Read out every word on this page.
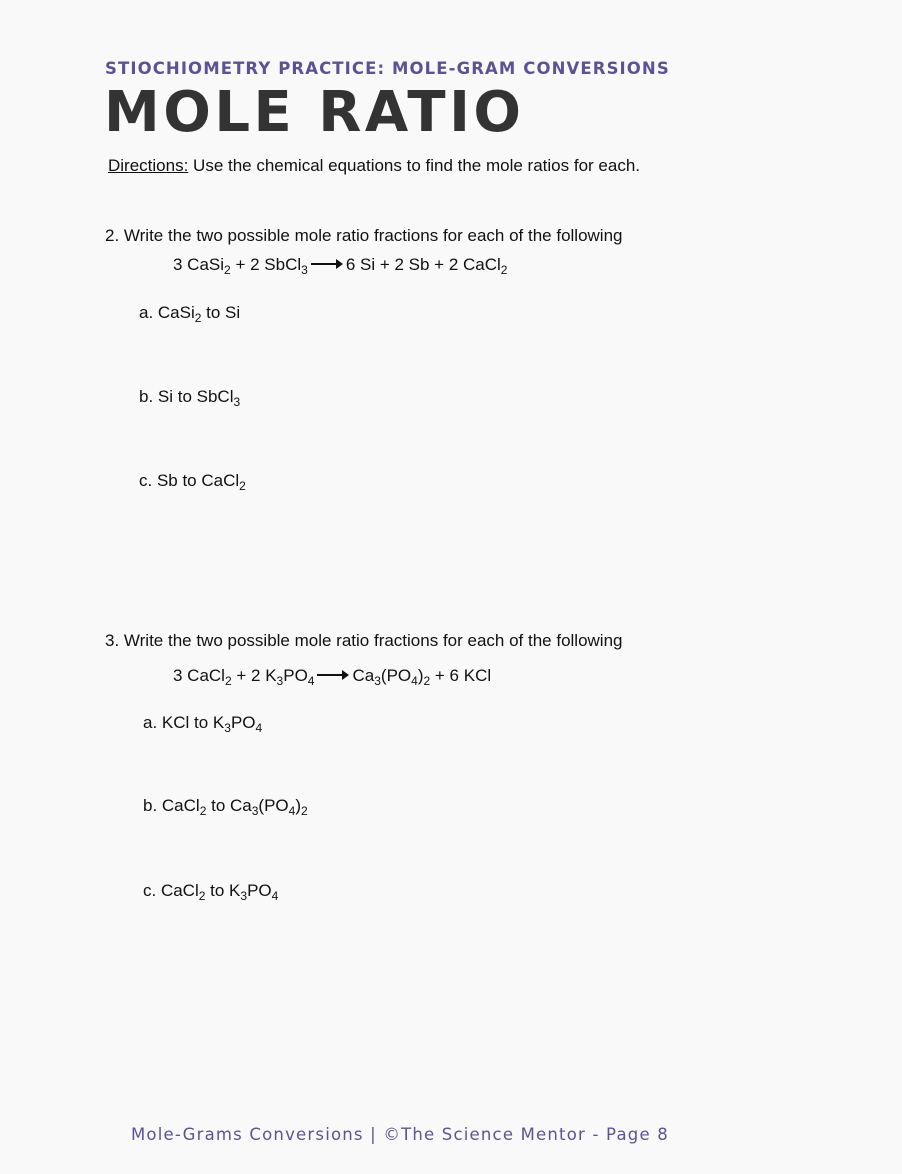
STIOCHIOMETRY PRACTICE: MOLE-GRAM CONVERSIONS
MOLE RATIO
Directions: Use the chemical equations to find the mole ratios for each.
2. Write the two possible mole ratio fractions for each of the following
3 CaSi$_2$ + 2 SbCl$_3$ → 6 Si + 2 Sb + 2 CaCl$_2$
a. CaSi$_2$ to Si
b. Si to SbCl$_3$
c. Sb to CaCl$_2$
3. Write the two possible mole ratio fractions for each of the following
3 CaCl$_2$ + 2 $K_3PO_4 \to Ca_3(PO_4)_2 + 6$ KCl
a. KCl to $K_3PO_4$
b. CaCl$_2$ to $Ca_3(PO_4)_2$
c. CaCl$_2$ to $K_3PO_4$
Mole-Grams Conversions | ©The Science Mentor - Page 8
